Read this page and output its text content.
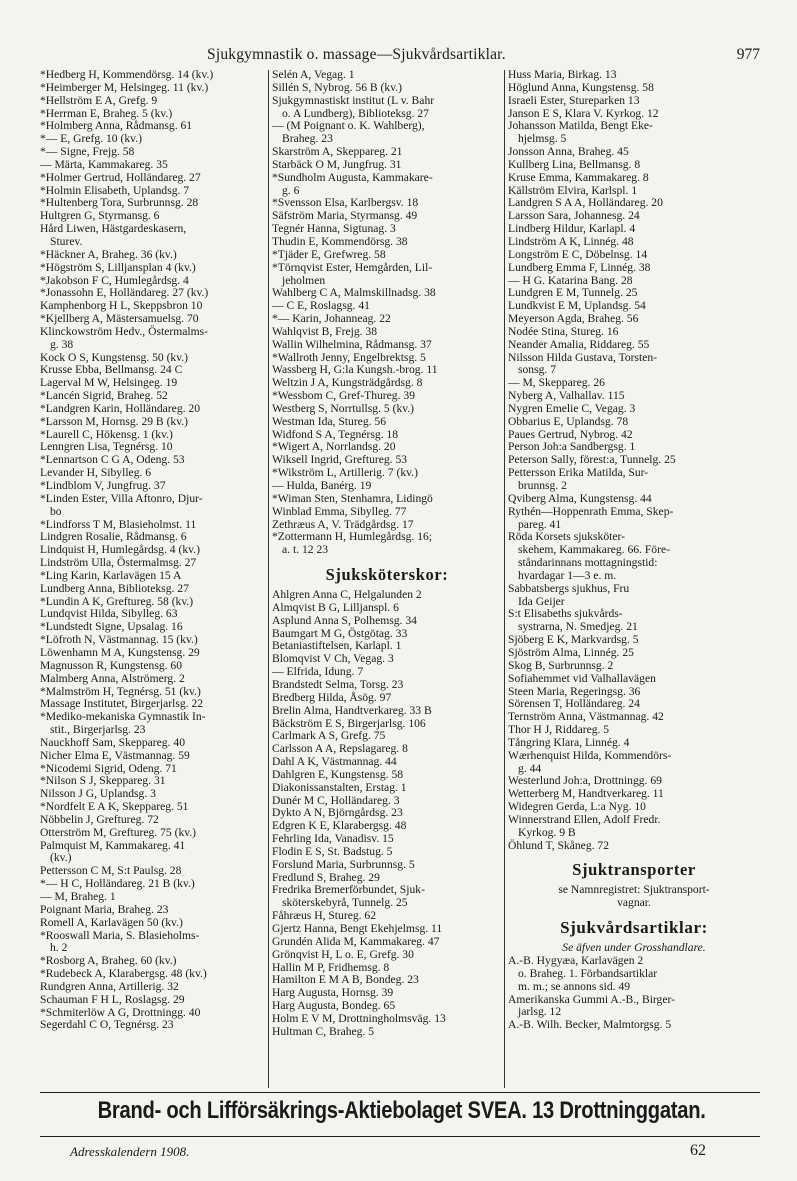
Sjukgymnastik o. massage—Sjukvårdsartiklar.	977
*Hedberg H, Kommendörsg. 14 (kv.)
*Heimberger M, Helsingeg. 11 (kv.)
*Hellström E A, Grefg. 9
*Herrman E, Braheg. 5 (kv.)
*Holmberg Anna, Rådmansg. 61
*— E, Grefg. 10 (kv.)
*— Signe, Frejg. 58
— Märta, Kammakareg. 35
*Holmer Gertrud, Holländareg. 27
*Holmin Elisabeth, Uplandsg. 7
*Hultenberg Tora, Surbrunnsg. 28
Hultgren G, Styrmansg. 6
Hård Liwen, Hästgardeskasern,
Sturev.
*Häckner A, Braheg. 36 (kv.)
*Högström S, Lilljansplan 4 (kv.)
*Jakobson F C, Humlegårdsg. 4
*Jonassohn E, Holländareg. 27 (kv.)
Kamphenborg H L, Skeppsbron 10
*Kjellberg A, Mästersamuelsg. 70
Klinckowström Hedv., Östermalms-
g. 38
Kock O S, Kungstensg. 50 (kv.)
Krusse Ebba, Bellmansg. 24 C
Lagerval M W, Helsingeg. 19
*Lancén Sigrid, Braheg. 52
*Landgren Karin, Holländareg. 20
*Larsson M, Hornsg. 29 B (kv.)
*Laurell C, Hökensg. 1 (kv.)
Lenngren Lisa, Tegnérsg. 10
*Lennartson C G A, Odeng. 53
Levander H, Sibylleg. 6
*Lindblom V, Jungfrug. 37
*Linden Ester, Villa Aftonro, Djur-
bo
*Lindforss T M, Blasieholmst. 11
Lindgren Rosalie, Rådmansg. 6
Lindquist H, Humlegårdsg. 4 (kv.)
Lindström Ulla, Östermalmsg. 27
*Ling Karin, Karlavägen 15 A
Lundberg Anna, Biblioteksg. 27
*Lundin A K, Greftureg. 58 (kv.)
Lundqvist Hilda, Sibylleg. 63
*Lundstedt Signe, Upsalag. 16
*Löfroth N, Västmannag. 15 (kv.)
Löwenhamn M A, Kungstensg. 29
Magnusson R, Kungstensg. 60
Malmberg Anna, Alströmerg. 2
*Malmström H, Tegnérsg. 51 (kv.)
Massage Institutet, Birgerjarlsg. 22
*Mediko-mekaniska Gymnastik In-
stit., Birgerjarlsg. 23
Nauckhoff Sam, Skeppareg. 40
Nicher Elma E, Västmannag. 59
*Nicodemi Sigrid, Odeng. 71
*Nilson S J, Skeppareg. 31
Nilsson J G, Uplandsg. 3
*Nordfelt E A K, Skeppareg. 51
Nöbbelin J, Greftureg. 72
Otterström M, Greftureg. 75 (kv.)
Palmquist M, Kammakareg. 41
(kv.)
Pettersson C M, S:t Paulsg. 28
*— H C, Holländareg. 21 B (kv.)
— M, Braheg. 1
Poignant Maria, Braheg. 23
Romell A, Karlavägen 50 (kv.)
*Rooswall Maria, S. Blasieholms-
h. 2
*Rosborg A, Braheg. 60 (kv.)
*Rudebeck A, Klarabergsg. 48 (kv.)
Rundgren Anna, Artillerig. 32
Schauman F H L, Roslagsg. 29
*Schmiterlöw A G, Drottningg. 40
Segerdahl C O, Tegnérsg. 23
Selén A, Vegag. 1
Sillén S, Nybrog. 56 B (kv.)
Sjukgymnastiskt institut (L v. Bahr
o. A Lundberg), Biblioteksg. 27
— (M Poignant o. K. Wahlberg),
Braheg. 23
Skarström A, Skeppareg. 21
Starbäck O M, Jungfrug. 31
*Sundholm Augusta, Kammakare-
g. 6
*Svensson Elsa, Karlbergsv. 18
Säfström Maria, Styrmansg. 49
Tegnér Hanna, Sigtunag. 3
Thudin E, Kommendörsg. 38
*Tjäder E, Grefwreg. 58
*Törnqvist Ester, Hemgården, Lil-
jeholmen
Wahlberg C A, Malmskillnadsg. 38
— C E, Roslagsg. 41
*— Karin, Johanneag. 22
Wahlqvist B, Frejg. 38
Wallin Wilhelmina, Rådmansg. 37
*Wallroth Jenny, Engelbrektsg. 5
Wassberg H, G:la Kungsh.-brog. 11
Weltzin J A, Kungsträdgårdsg. 8
*Wessbom C, Gref-Thureg. 39
Westberg S, Norrtullsg. 5 (kv.)
Westman Ida, Stureg. 56
Widfond S A, Tegnérsg. 18
*Wigert A, Norrlandsg. 20
Wiksell Ingrid, Greftureg. 53
*Wikström L, Artillerig. 7 (kv.)
— Hulda, Banérg. 19
*Wiman Sten, Stenhamra, Lidingö
Winblad Emma, Sibylleg. 77
Zethræus A, V. Trädgårdsg. 17
*Zottermann H, Humlegårdsg. 16;
a. t. 12 23
Sjuksköterskor:
Ahlgren Anna C, Helgalunden 2
Almqvist B G, Lilljanspl. 6
Asplund Anna S, Polhemsg. 34
Baumgart M G, Östgötag. 33
Betaniastiftelsen, Karlapl. 1
Blomqvist V Ch, Vegag. 3
— Elfrida, Idung. 7
Brandstedt Selma, Torsg. 23
Bredberg Hilda, Åsög. 97
Brelin Alma, Handtverkareg. 33 B
Bäckström E S, Birgerjarlsg. 106
Carlmark A S, Grefg. 75
Carlsson A A, Repslagareg. 8
Dahl A K, Västmannag. 44
Dahlgren E, Kungstensg. 58
Diakonissanstalten, Erstag. 1
Dunér M C, Holländareg. 3
Dykto A N, Björngårdsg. 23
Edgren K E, Klarabergsg. 48
Fehrling Ida, Vanadisv. 15
Flodin E S, St. Badstug. 5
Forslund Maria, Surbrunnsg. 5
Fredlund S, Braheg. 29
Fredrika Bremerförbundet, Sjuk-
sköterskebyrå, Tunnelg. 25
Fåhræus H, Stureg. 62
Gjertz Hanna, Bengt Ekehjelmsg. 11
Grundén Alida M, Kammakareg. 47
Grönqvist H, L o. E, Grefg. 30
Hallin M P, Fridhemsg. 8
Hamilton E M A B, Bondeg. 23
Harg Augusta, Hornsg. 39
Harg Augusta, Bondeg. 65
Holm E V M, Drottningholmsväg. 13
Hultman C, Braheg. 5
Huss Maria, Birkag. 13
Höglund Anna, Kungstensg. 58
Israeli Ester, Stureparken 13
Janson E S, Klara V. Kyrkog. 12
Johansson Matilda, Bengt Eke-
hjelmsg. 5
Jonsson Anna, Braheg. 45
Kullberg Lina, Bellmansg. 8
Kruse Emma, Kammakareg. 8
Källström Elvira, Karlspl. 1
Landgren S A A, Holländareg. 20
Larsson Sara, Johannesg. 24
Lindberg Hildur, Karlapl. 4
Lindström A K, Linnég. 48
Longström E C, Döbelnsg. 14
Lundberg Emma F, Linnég. 38
— H G. Katarina Bang. 28
Lundgren E M, Tunnelg. 25
Lundkvist E M, Uplandsg. 54
Meyerson Agda, Braheg. 56
Nodée Stina, Stureg. 16
Neander Amalia, Riddareg. 55
Nilsson Hilda Gustava, Torsten-
sonsg. 7
— M, Skeppareg. 26
Nyberg A, Valhallav. 115
Nygren Emelie C, Vegag. 3
Obbarius E, Uplandsg. 78
Paues Gertrud, Nybrog. 42
Person Joh:a Sandbergsg. 1
Peterson Sally, förest:a, Tunnelg. 25
Pettersson Erika Matilda, Sur-
brunnsg. 2
Qviberg Alma, Kungstensg. 44
Rythén—Hoppenrath Emma, Skep-
pareg. 41
Röda Korsets sjuksköter-
skehem, Kammakareg. 66. Före-
ståndarinnans mottagningstid:
hvardagar 1—3 e. m.
Sabbatsbergs sjukhus, Fru
Ida Geijer
S:t Elisabeths sjukvårds-
systrarna, N. Smedjeg. 21
Sjöberg E K, Markvardsg. 5
Sjöström Alma, Linnég. 25
Skog B, Surbrunnsg. 2
Sofiahemmet vid Valhallavägen
Steen Maria, Regeringsg. 36
Sörensen T, Holländareg. 24
Ternström Anna, Västmannag. 42
Thor H J, Riddareg. 5
Tångring Klara, Linnég. 4
Wærhenquist Hilda, Kommendörs-
g. 44
Westerlund Joh:a, Drottningg. 69
Wetterberg M, Handtverkareg. 11
Widegren Gerda, L:a Nyg. 10
Winnerstrand Ellen, Adolf Fredr.
Kyrkog. 9 B
Öhlund T, Skåneg. 72
Sjuktransporter
se Namnregistret: Sjuktransport-
vagnar.
Sjukvårdsartiklar:
Se äfven under Grosshandlare.
A.-B. Hygyæa, Karlavägen 2
o. Braheg. 1. Förbandsartiklar
m. m.; se annons sid. 49
Amerikanska Gummi A.-B., Birger-
jarlsg. 12
A.-B. Wilh. Becker, Malmtorgsg. 5
Brand- och Lifförsäkrings-Aktiebolaget SVEA. 13 Drottninggatan.
Adresskalendern 1908.	62
